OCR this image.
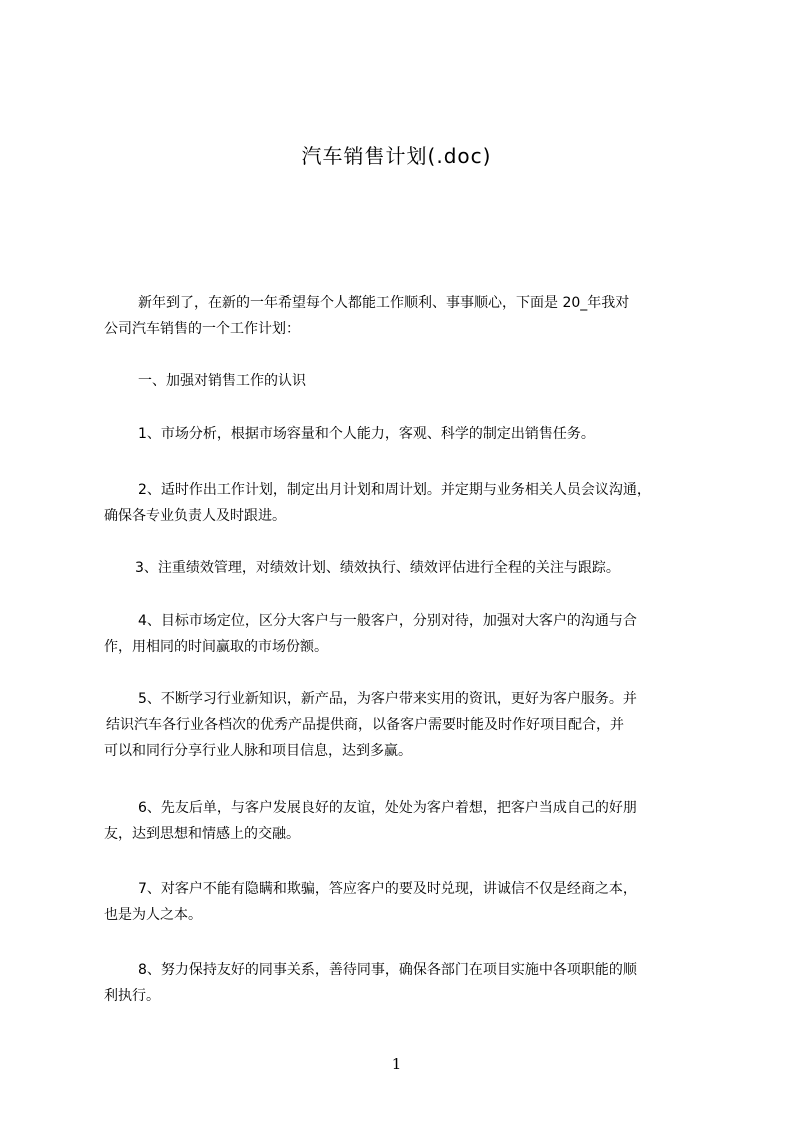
汽车销售计划(.doc)
新年到了，在新的一年希望每个人都能工作顺利、事事顺心，下面是 20_年我对
公司汽车销售的一个工作计划：
一、加强对销售工作的认识
1、市场分析，根据市场容量和个人能力，客观、科学的制定出销售任务。
2、适时作出工作计划，制定出月计划和周计划。并定期与业务相关人员会议沟通，
确保各专业负责人及时跟进。
3、注重绩效管理，对绩效计划、绩效执行、绩效评估进行全程的关注与跟踪。
4、目标市场定位，区分大客户与一般客户，分别对待，加强对大客户的沟通与合
作，用相同的时间赢取的市场份额。
5、不断学习行业新知识，新产品，为客户带来实用的资讯，更好为客户服务。并
结识汽车各行业各档次的优秀产品提供商，以备客户需要时能及时作好项目配合，并
可以和同行分享行业人脉和项目信息，达到多赢。
6、先友后单，与客户发展良好的友谊，处处为客户着想，把客户当成自己的好朋
友，达到思想和情感上的交融。
7、对客户不能有隐瞒和欺骗，答应客户的要及时兑现，讲诚信不仅是经商之本，
也是为人之本。
8、努力保持友好的同事关系，善待同事，确保各部门在项目实施中各项职能的顺
利执行。
1
